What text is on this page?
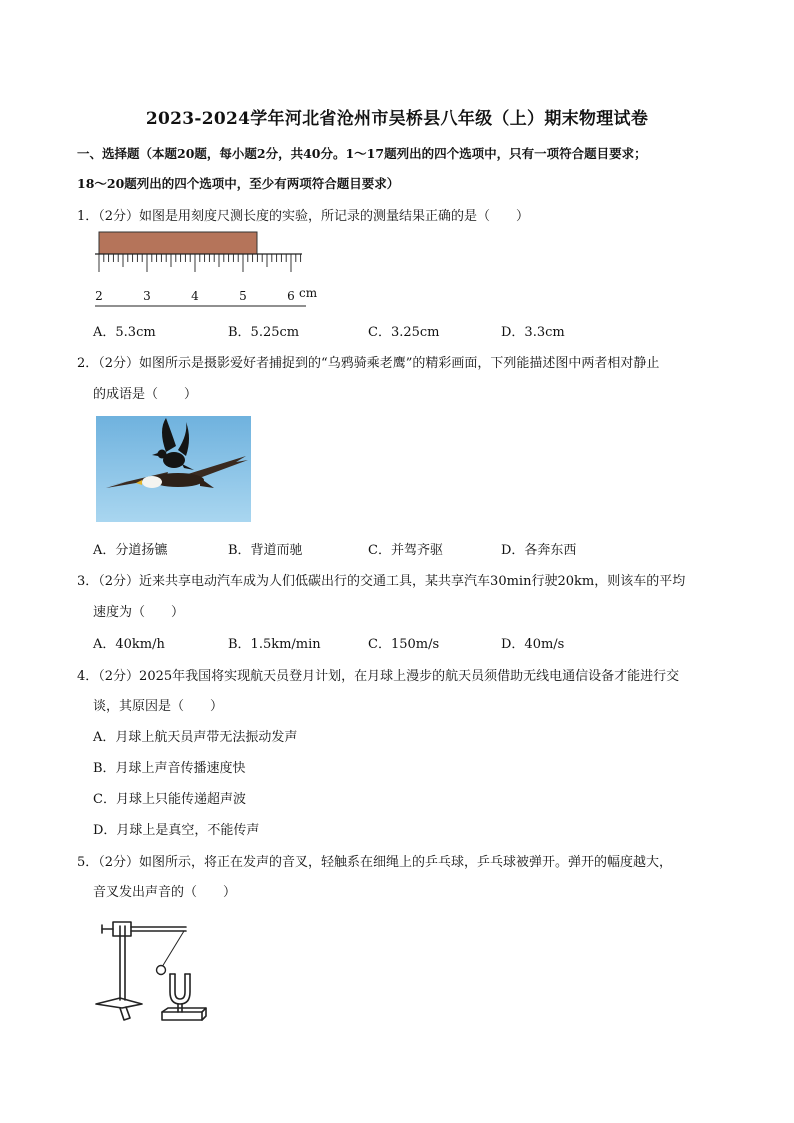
2023-2024学年河北省沧州市吴桥县八年级（上）期末物理试卷
一、选择题（本题20题，每小题2分，共40分。1～17题列出的四个选项中，只有一项符合题目要求；
18～20题列出的四个选项中，至少有两项符合题目要求）
1．（2分）如图是用刻度尺测长度的实验，所记录的测量结果正确的是（　　）
2	3	4	5	6 cm
A．5.3cm	B．5.25cm	C．3.25cm	D．3.3cm
2．（2分）如图所示是摄影爱好者捕捉到的“乌鸦骑乘老鹰”的精彩画面，下列能描述图中两者相对静止
的成语是（　　）
A．分道扬镳	B．背道而驰	C．并驾齐驱	D．各奔东西
3．（2分）近来共享电动汽车成为人们低碳出行的交通工具，某共享汽车30min行驶20km，则该车的平均
速度为（　　）
A．40km/h	B．1.5km/min	C．150m/s	D．40m/s
4．（2分）2025年我国将实现航天员登月计划，在月球上漫步的航天员须借助无线电通信设备才能进行交
谈，其原因是（　　）
A．月球上航天员声带无法振动发声
B．月球上声音传播速度快
C．月球上只能传递超声波
D．月球上是真空，不能传声
5．（2分）如图所示，将正在发声的音叉，轻触系在细绳上的乒乓球，乒乓球被弹开。弹开的幅度越大，
音叉发出声音的（　　）
